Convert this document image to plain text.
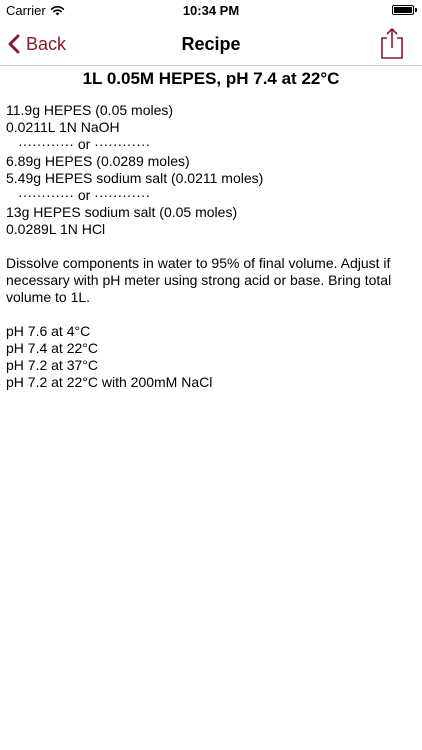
Carrier	10:34 PM
Back	Recipe
1L 0.05M HEPES, pH 7.4 at 22°C
11.9g HEPES (0.05 moles)
0.0211L 1N NaOH
············ or ············
6.89g HEPES (0.0289 moles)
5.49g HEPES sodium salt (0.0211 moles)
············ or ············
13g HEPES sodium salt (0.05 moles)
0.0289L 1N HCl
Dissolve components in water to 95% of final volume. Adjust if necessary with pH meter using strong acid or base. Bring total volume to 1L.
pH 7.6 at 4°C
pH 7.4 at 22°C
pH 7.2 at 37°C
pH 7.2 at 22°C with 200mM NaCl
